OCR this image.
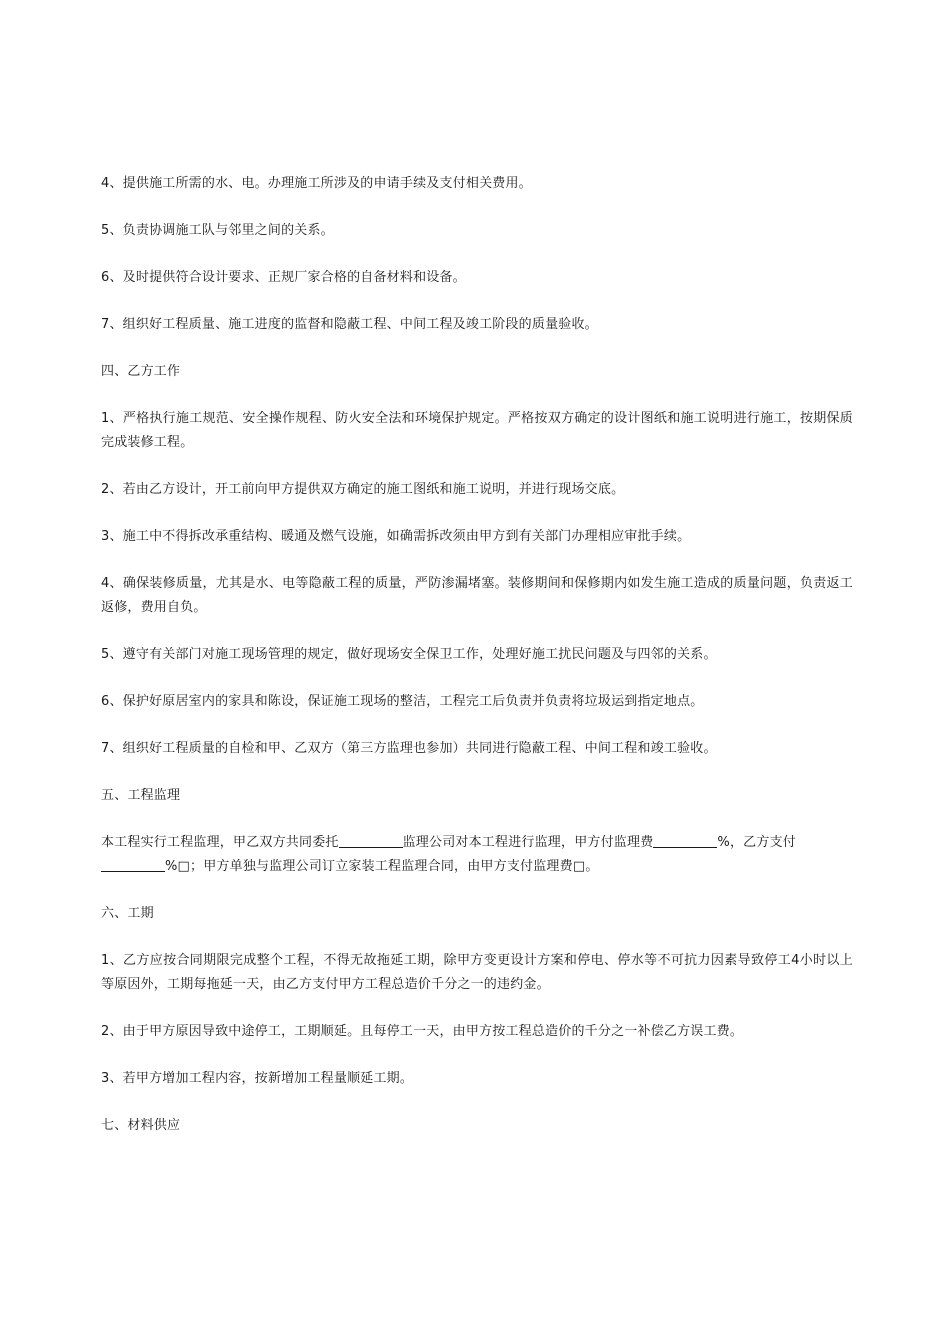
4、提供施工所需的水、电。办理施工所涉及的申请手续及支付相关费用。

5、负责协调施工队与邻里之间的关系。

6、及时提供符合设计要求、正规厂家合格的自备材料和设备。

7、组织好工程质量、施工进度的监督和隐蔽工程、中间工程及竣工阶段的质量验收。

四、乙方工作

1、严格执行施工规范、安全操作规程、防火安全法和环境保护规定。严格按双方确定的设计图纸和施工说明进行施工，按期保质完成装修工程。

2、若由乙方设计，开工前向甲方提供双方确定的施工图纸和施工说明，并进行现场交底。

3、施工中不得拆改承重结构、暖通及燃气设施，如确需拆改须由甲方到有关部门办理相应审批手续。

4、确保装修质量，尤其是水、电等隐蔽工程的质量，严防渗漏堵塞。装修期间和保修期内如发生施工造成的质量问题，负责返工返修，费用自负。

5、遵守有关部门对施工现场管理的规定，做好现场安全保卫工作，处理好施工扰民问题及与四邻的关系。

6、保护好原居室内的家具和陈设，保证施工现场的整洁，工程完工后负责并负责将垃圾运到指定地点。

7、组织好工程质量的自检和甲、乙双方（第三方监理也参加）共同进行隐蔽工程、中间工程和竣工验收。

五、工程监理

本工程实行工程监理，甲乙双方共同委托	监理公司对本工程进行监理，甲方付监理费	%，乙方支付
%□；甲方单独与监理公司订立家装工程监理合同，由甲方支付监理费□。

六、工期

1、乙方应按合同期限完成整个工程，不得无故拖延工期，除甲方变更设计方案和停电、停水等不可抗力因素导致停工4小时以上等原因外，工期每拖延一天，由乙方支付甲方工程总造价千分之一的违约金。

2、由于甲方原因导致中途停工，工期顺延。且每停工一天，由甲方按工程总造价的千分之一补偿乙方误工费。

3、若甲方增加工程内容，按新增加工程量顺延工期。

七、材料供应
